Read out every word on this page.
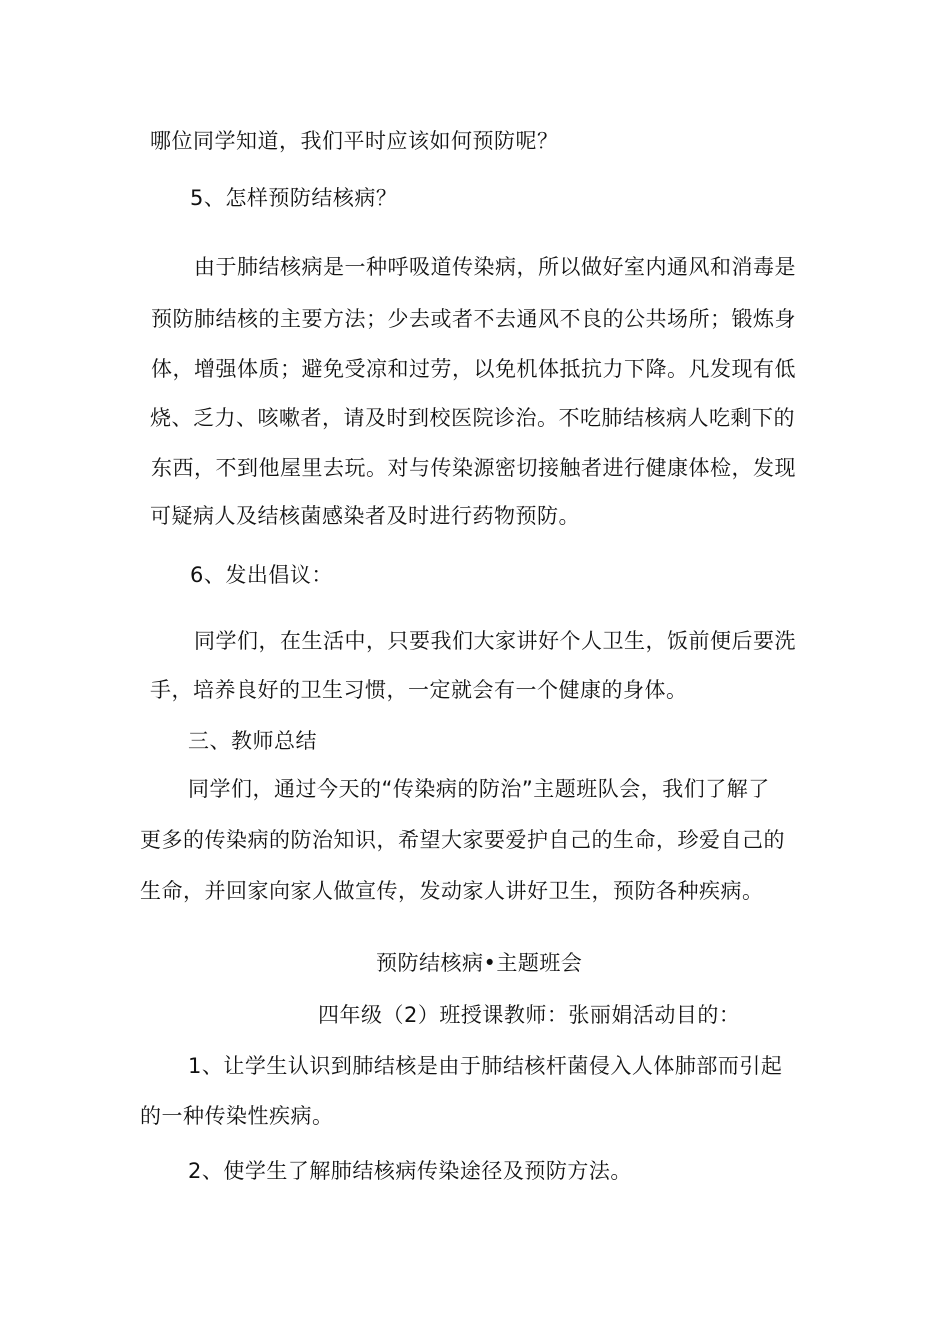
哪位同学知道，我们平时应该如何预防呢？
5、怎样预防结核病？
由于肺结核病是一种呼吸道传染病，所以做好室内通风和消毒是
预防肺结核的主要方法；少去或者不去通风不良的公共场所；锻炼身
体，增强体质；避免受凉和过劳，以免机体抵抗力下降。凡发现有低
烧、乏力、咳嗽者，请及时到校医院诊治。不吃肺结核病人吃剩下的
东西，不到他屋里去玩。对与传染源密切接触者进行健康体检，发现
可疑病人及结核菌感染者及时进行药物预防。
6、发出倡议：
同学们，在生活中，只要我们大家讲好个人卫生，饭前便后要洗
手，培养良好的卫生习惯，一定就会有一个健康的身体。
三、教师总结
同学们，通过今天的“传染病的防治”主题班队会，我们了解了
更多的传染病的防治知识，希望大家要爱护自己的生命，珍爱自己的
生命，并回家向家人做宣传，发动家人讲好卫生，预防各种疾病。
预防结核病•主题班会
四年级（2）班授课教师：张丽娟活动目的：
1、让学生认识到肺结核是由于肺结核杆菌侵入人体肺部而引起
的一种传染性疾病。
2、使学生了解肺结核病传染途径及预防方法。
